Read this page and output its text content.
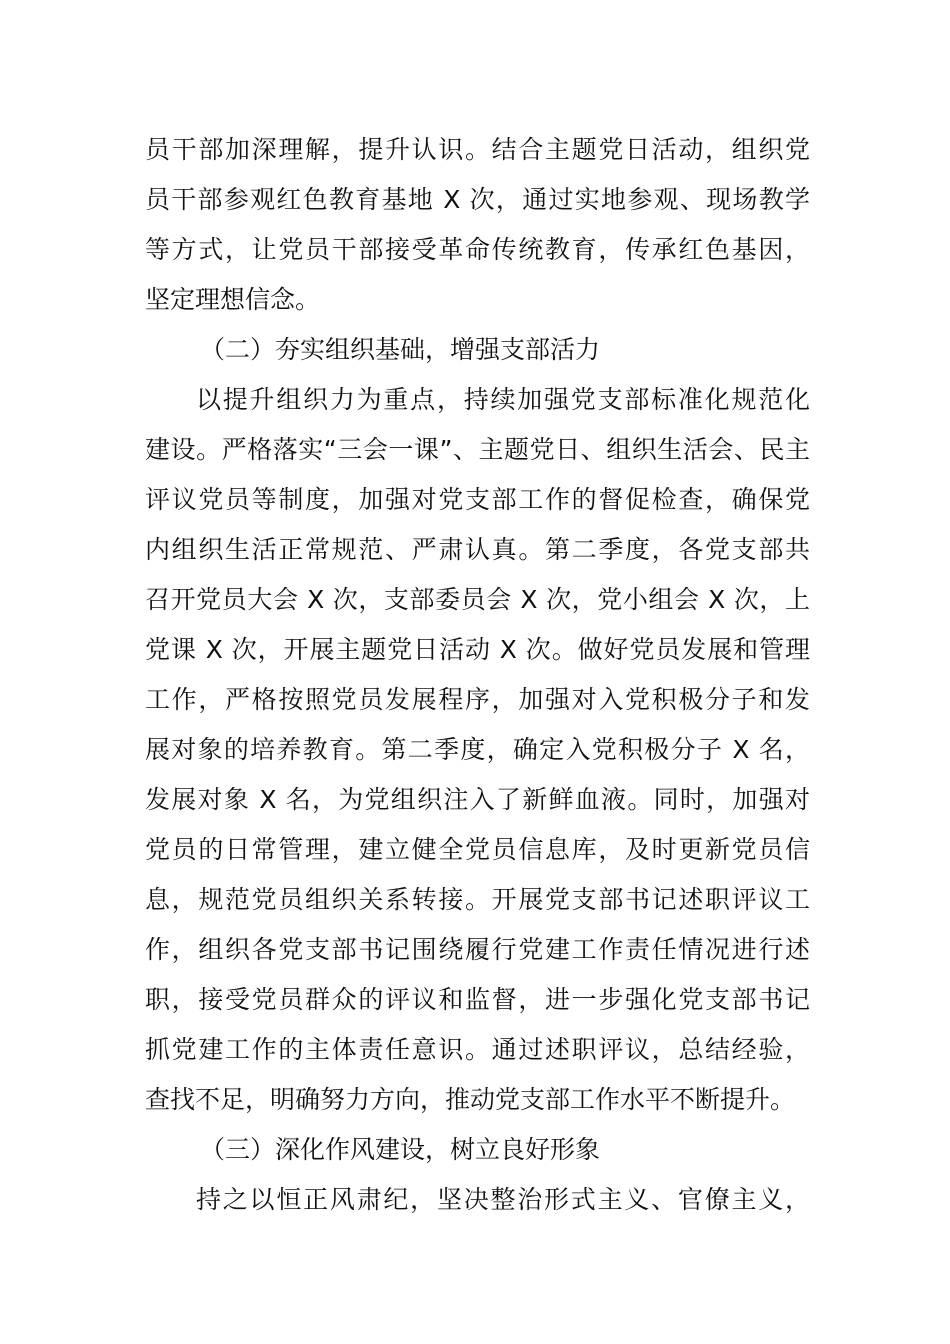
员干部加深理解，提升认识。结合主题党日活动，组织党
员干部参观红色教育基地 X 次，通过实地参观、现场教学
等方式，让党员干部接受革命传统教育，传承红色基因，
坚定理想信念。
（二）夯实组织基础，增强支部活力
以提升组织力为重点，持续加强党支部标准化规范化
建设。严格落实“三会一课”、主题党日、组织生活会、民主
评议党员等制度，加强对党支部工作的督促检查，确保党
内组织生活正常规范、严肃认真。第二季度，各党支部共
召开党员大会 X 次，支部委员会 X 次，党小组会 X 次，上
党课 X 次，开展主题党日活动 X 次。做好党员发展和管理
工作，严格按照党员发展程序，加强对入党积极分子和发
展对象的培养教育。第二季度，确定入党积极分子 X 名，
发展对象 X 名，为党组织注入了新鲜血液。同时，加强对
党员的日常管理，建立健全党员信息库，及时更新党员信
息，规范党员组织关系转接。开展党支部书记述职评议工
作，组织各党支部书记围绕履行党建工作责任情况进行述
职，接受党员群众的评议和监督，进一步强化党支部书记
抓党建工作的主体责任意识。通过述职评议，总结经验，
查找不足，明确努力方向，推动党支部工作水平不断提升。
（三）深化作风建设，树立良好形象
持之以恒正风肃纪，坚决整治形式主义、官僚主义，
